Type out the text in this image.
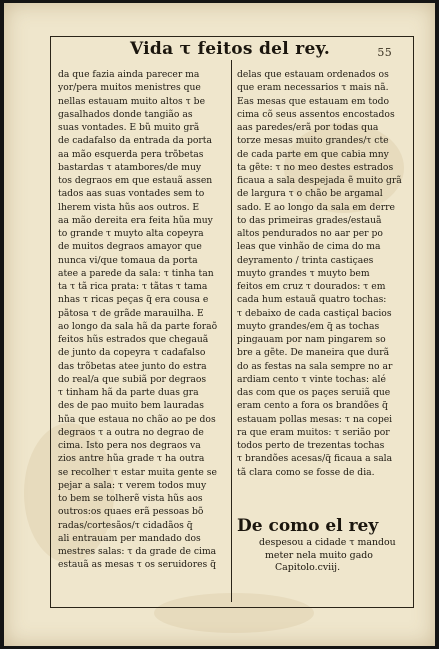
Vida τ feitos del rey.	55
da que fazia ainda parecer ma
yor/pera muitos menistres que
nellas estauam muito altos τ be
gasalhados donde tangião as
suas vontades. E bũ muito grã
de cadafalso da entrada da porta
aa mão esquerda pera trõbetas
bastardas τ atambores/de muy
tos degraos em que estauã assen
tados aas suas vontades sem to
lherem vista hũs aos outros. E
aa mão dereita era feita hũa muy
to grande τ muyto alta copeyra
de muitos degraos amayor que
nunca vi/que tomaua da porta
atee a parede da sala: τ tinha tan
ta τ tã rica prata: τ tãtas τ tama
nhas τ ricas peças q̃ era cousa e
pãtosa τ de grãde marauilha. E
ao longo da sala hã da parte foraõ
feitos hũs estrados que chegauã
de junto da copeyra τ cadafalso
das trõbetas atee junto do estra
do real/a que subiã por degraos
τ tinham hã da parte duas gra
des de pao muito bem lauradas
hũa que estaua no chão ao pe dos
degraos τ a outra no degrao de
cima. Isto pera nos degraos va
zios antre hũa grade τ ha outra
se recolher τ estar muita gente se
pejar a sala: τ verem todos muy
to bem se tolherẽ vista hũs aos
outros:os quaes erã pessoas bõ
radas/cortesãos/τ cidadãos q̃
ali entrauam per mandado dos
mestres salas: τ da grade de cima
estauã as mesas τ os seruidores q̃
delas que estauam ordenados os
que eram necessarios τ mais nã.
Eas mesas que estauam em todo
cima cõ seus assentos encostados
aas paredes/erã por todas qua
torze mesas muito grandes/τ cte
de cada parte em que cabia mny
ta gẽte: τ no meo destes estrados
ficaua a sala despejada ẽ muito grã
de largura τ o chão be argamal
sado. E ao longo da sala em derre
to das primeiras grades/estauã
altos pendurados no aar per po
leas que vinhão de cima do ma
deyramento / trinta castiçaes
muyto grandes τ muyto bem
feitos em cruz τ dourados: τ em
cada hum estauã quatro tochas:
τ debaixo de cada castiçal bacios
muyto grandes/em q̃ as tochas
pingauam por nam pingarem so
bre a gẽte. De maneira que durã
do as festas na sala sempre no ar
ardiam cento τ vinte tochas: alé
das com que os paçes seruiã que
eram cento a fora os brandões q̃
estauam pollas mesas: τ na copei
ra que eram muitos: τ serião por
todos perto de trezentas tochas
τ brandões acesas/q̃ ficaua a sala
tã clara como se fosse de dia.
De como el rey
despesou a cidade τ mandou
meter nela muito gado
Capitolo.cviij.
